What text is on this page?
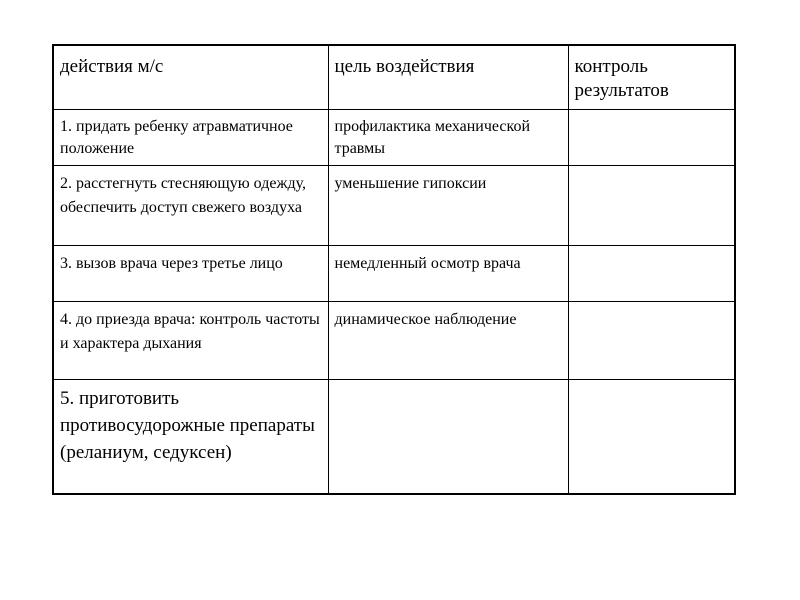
действия м/с	цель воздействия	контроль результатов
1. придать ребенку атравматичное положение	профилактика механической травмы	
2. расстегнуть стесняющую одежду, обеспечить доступ свежего воздуха	уменьшение гипоксии	
3. вызов врача через третье лицо	немедленный осмотр врача	
4. до приезда врача: контроль частоты и характера дыхания	динамическое наблюдение	
5. приготовить противосудорожные препараты (реланиум, седуксен)		
